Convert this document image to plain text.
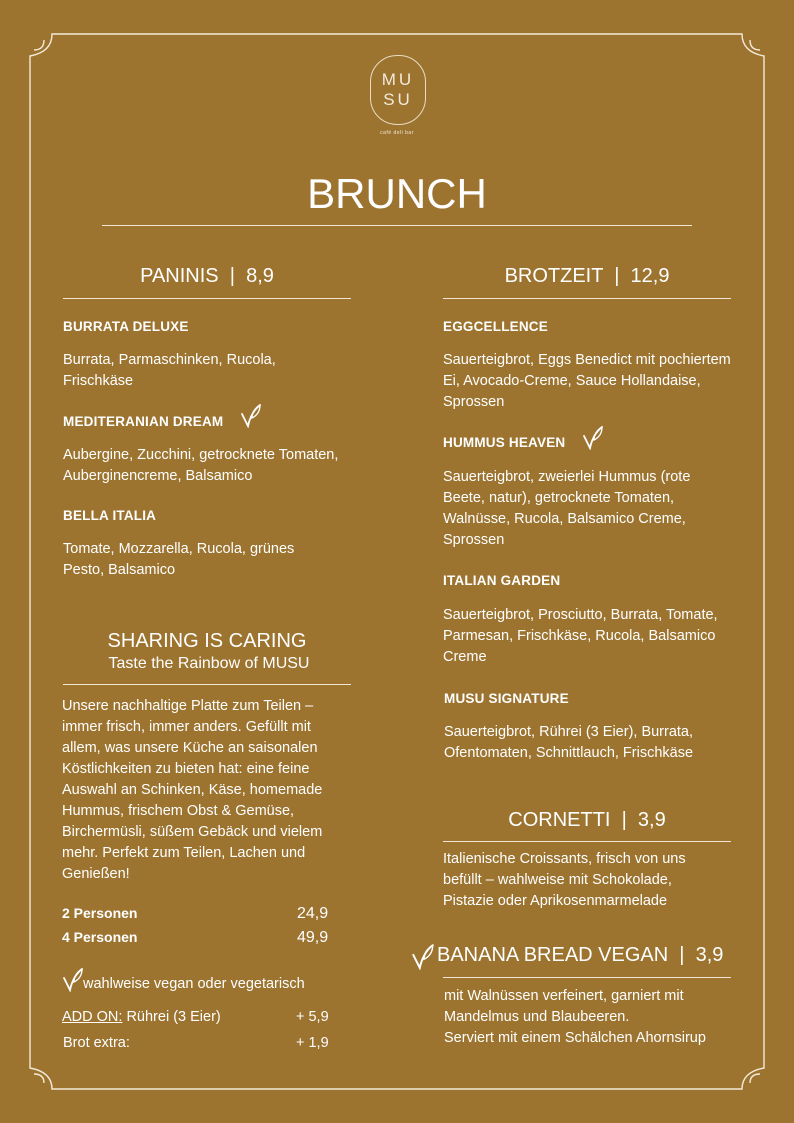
MU
SU
café deli bar
BRUNCH
PANINIS  |  8,9
BURRATA DELUXE
Burrata, Parmaschinken, Rucola, Frischkäse
MEDITERANIAN DREAM
Aubergine, Zucchini, getrocknete Tomaten, Auberginencreme, Balsamico
BELLA ITALIA
Tomate, Mozzarella, Rucola, grünes Pesto, Balsamico
SHARING IS CARING
Taste the Rainbow of MUSU
Unsere nachhaltige Platte zum Teilen – immer frisch, immer anders. Gefüllt mit allem, was unsere Küche an saisonalen Köstlichkeiten zu bieten hat: eine feine Auswahl an Schinken, Käse, homemade Hummus, frischem Obst & Gemüse, Birchermüsli, süßem Gebäck und vielem mehr. Perfekt zum Teilen, Lachen und Genießen!
2 Personen	24,9
4 Personen	49,9
wahlweise vegan oder vegetarisch
ADD ON: Rührei (3 Eier)	+ 5,9
Brot extra:	+ 1,9
BROTZEIT  |  12,9
EGGCELLENCE
Sauerteigbrot, Eggs Benedict mit pochiertem Ei, Avocado-Creme, Sauce Hollandaise, Sprossen
HUMMUS HEAVEN
Sauerteigbrot, zweierlei Hummus (rote Beete, natur), getrocknete Tomaten, Walnüsse, Rucola, Balsamico Creme, Sprossen
ITALIAN GARDEN
Sauerteigbrot, Prosciutto, Burrata, Tomate, Parmesan, Frischkäse, Rucola, Balsamico Creme
MUSU SIGNATURE
Sauerteigbrot, Rührei (3 Eier), Burrata, Ofentomaten, Schnittlauch, Frischkäse
CORNETTI  |  3,9
Italienische Croissants, frisch von uns befüllt – wahlweise mit Schokolade, Pistazie oder Aprikosenmarmelade
BANANA BREAD VEGAN  |  3,9
mit Walnüssen verfeinert, garniert mit
Mandelmus und Blaubeeren.
Serviert mit einem Schälchen Ahornsirup
